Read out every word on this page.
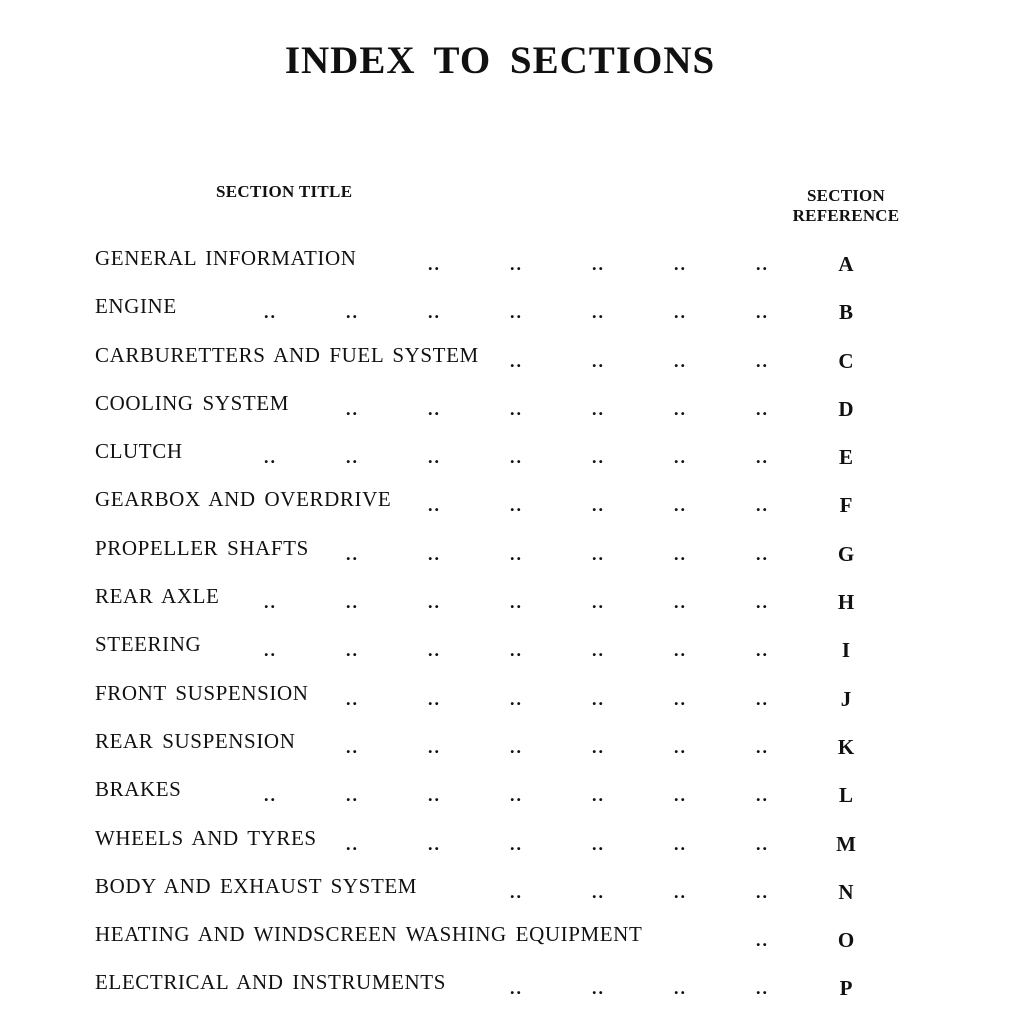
INDEX TO SECTIONS
SECTION TITLE	SECTION
REFERENCE
GENERAL INFORMATION	..	..	..	..	..	A
ENGINE	..	..	..	..	..	..	..	B
CARBURETTERS AND FUEL SYSTEM ..	..	..	..	C
COOLING SYSTEM	..	..	..	..	..	..	D
CLUTCH	..	..	..	..	..	..	..	E
GEARBOX AND OVERDRIVE ..	..	..	..	..	F
PROPELLER SHAFTS ..	..	..	..	..	..	G
REAR AXLE ..	..	..	..	..	..	..	H
STEERING	..	..	..	..	..	..	..	I
FRONT SUSPENSION ..	..	..	..	..	..	J
REAR SUSPENSION	..	..	..	..	..	..	K
BRAKES	..	..	..	..	..	..	..	L
WHEELS AND TYRES ..	..	..	..	..	..	M
BODY AND EXHAUST SYSTEM	..	..	..	..	N
HEATING AND WINDSCREEN WASHING EQUIPMENT	..	O
ELECTRICAL AND INSTRUMENTS	..	..	..	..	P
